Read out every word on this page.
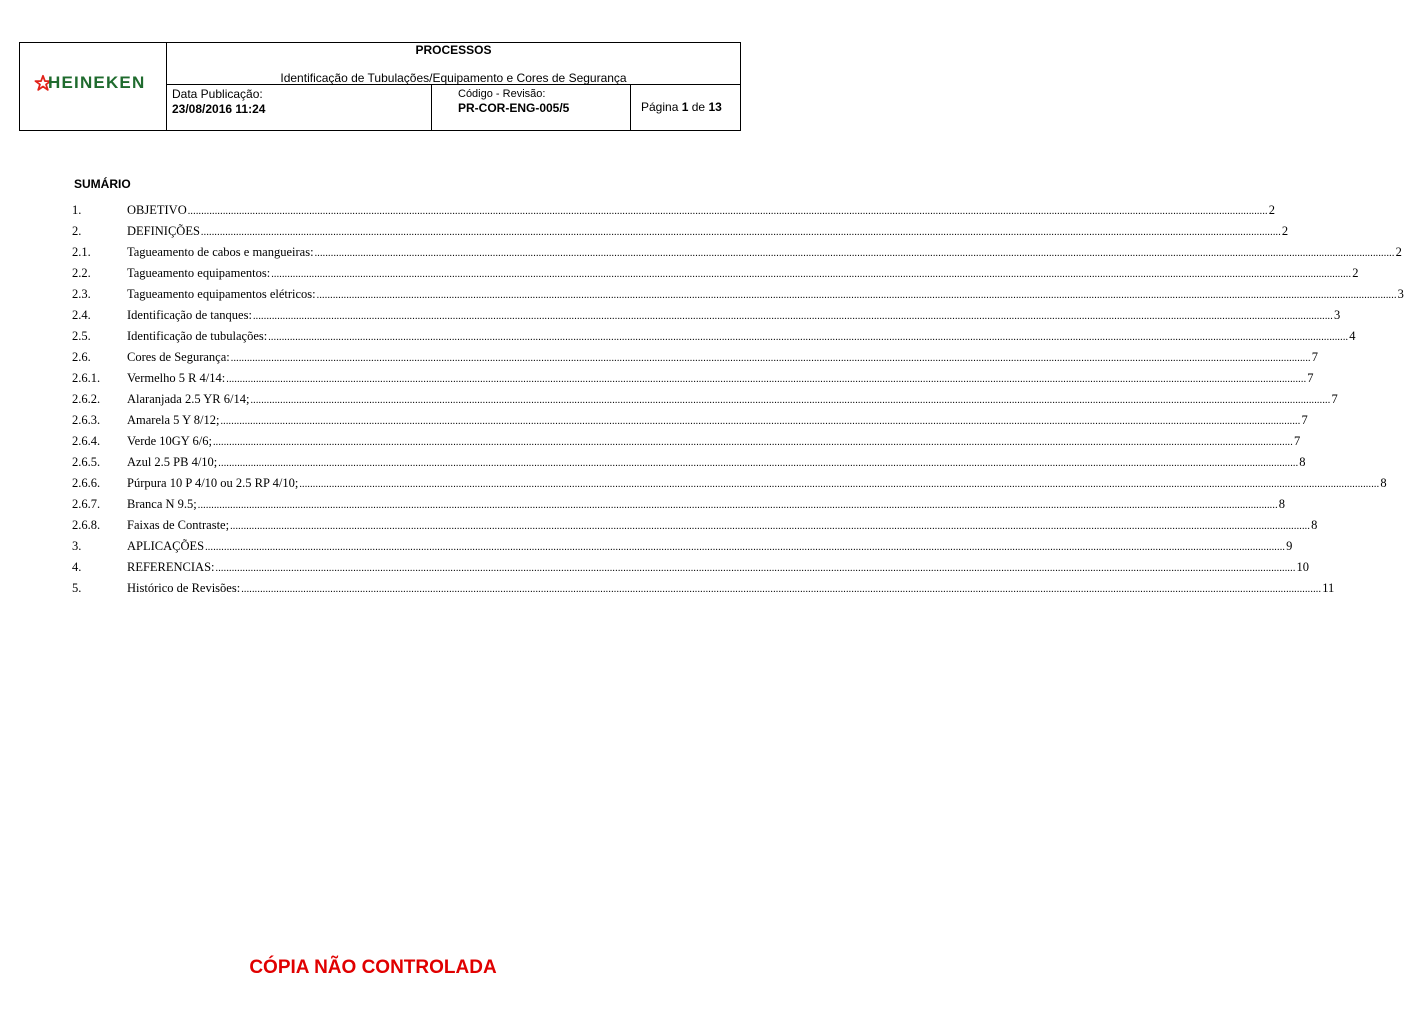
HEINEKEN
PROCESSOS
Identificação de Tubulações/Equipamento e Cores de Segurança
Data Publicação:
23/08/2016 11:24
Código - Revisão:
PR-COR-ENG-005/5	Página 1 de 13
SUMÁRIO
1.	OBJETIVO ................................................................................................................................................................................................................................................................................................................................................................................................................ 2
2.	DEFINIÇÕES ................................................................................................................................................................................................................................................................................................................................................................................................................ 2
2.1.	Tagueamento de cabos e mangueiras: ................................................................................................................................................................................................................................................................................................................................................................................................................ 2
2.2.	Tagueamento equipamentos: ................................................................................................................................................................................................................................................................................................................................................................................................................ 2
2.3.	Tagueamento equipamentos elétricos: ................................................................................................................................................................................................................................................................................................................................................................................................................ 3
2.4.	Identificação de tanques: ................................................................................................................................................................................................................................................................................................................................................................................................................ 3
2.5.	Identificação de tubulações: ................................................................................................................................................................................................................................................................................................................................................................................................................ 4
2.6.	Cores de Segurança: ................................................................................................................................................................................................................................................................................................................................................................................................................ 7
2.6.1.	Vermelho 5 R 4/14: ................................................................................................................................................................................................................................................................................................................................................................................................................ 7
2.6.2.	Alaranjada 2.5 YR 6/14; ................................................................................................................................................................................................................................................................................................................................................................................................................ 7
2.6.3.	Amarela 5 Y 8/12; ................................................................................................................................................................................................................................................................................................................................................................................................................ 7
2.6.4.	Verde 10GY 6/6; ................................................................................................................................................................................................................................................................................................................................................................................................................ 7
2.6.5.	Azul 2.5 PB 4/10; ................................................................................................................................................................................................................................................................................................................................................................................................................ 8
2.6.6.	Púrpura 10 P 4/10 ou 2.5 RP 4/10; ................................................................................................................................................................................................................................................................................................................................................................................................................ 8
2.6.7.	Branca N 9.5; ................................................................................................................................................................................................................................................................................................................................................................................................................ 8
2.6.8.	Faixas de Contraste; ................................................................................................................................................................................................................................................................................................................................................................................................................ 8
3.	APLICAÇÕES ................................................................................................................................................................................................................................................................................................................................................................................................................ 9
4.	REFERENCIAS: ................................................................................................................................................................................................................................................................................................................................................................................................................ 10
5.	Histórico de Revisões: ................................................................................................................................................................................................................................................................................................................................................................................................................ 11
CÓPIA NÃO CONTROLADA
